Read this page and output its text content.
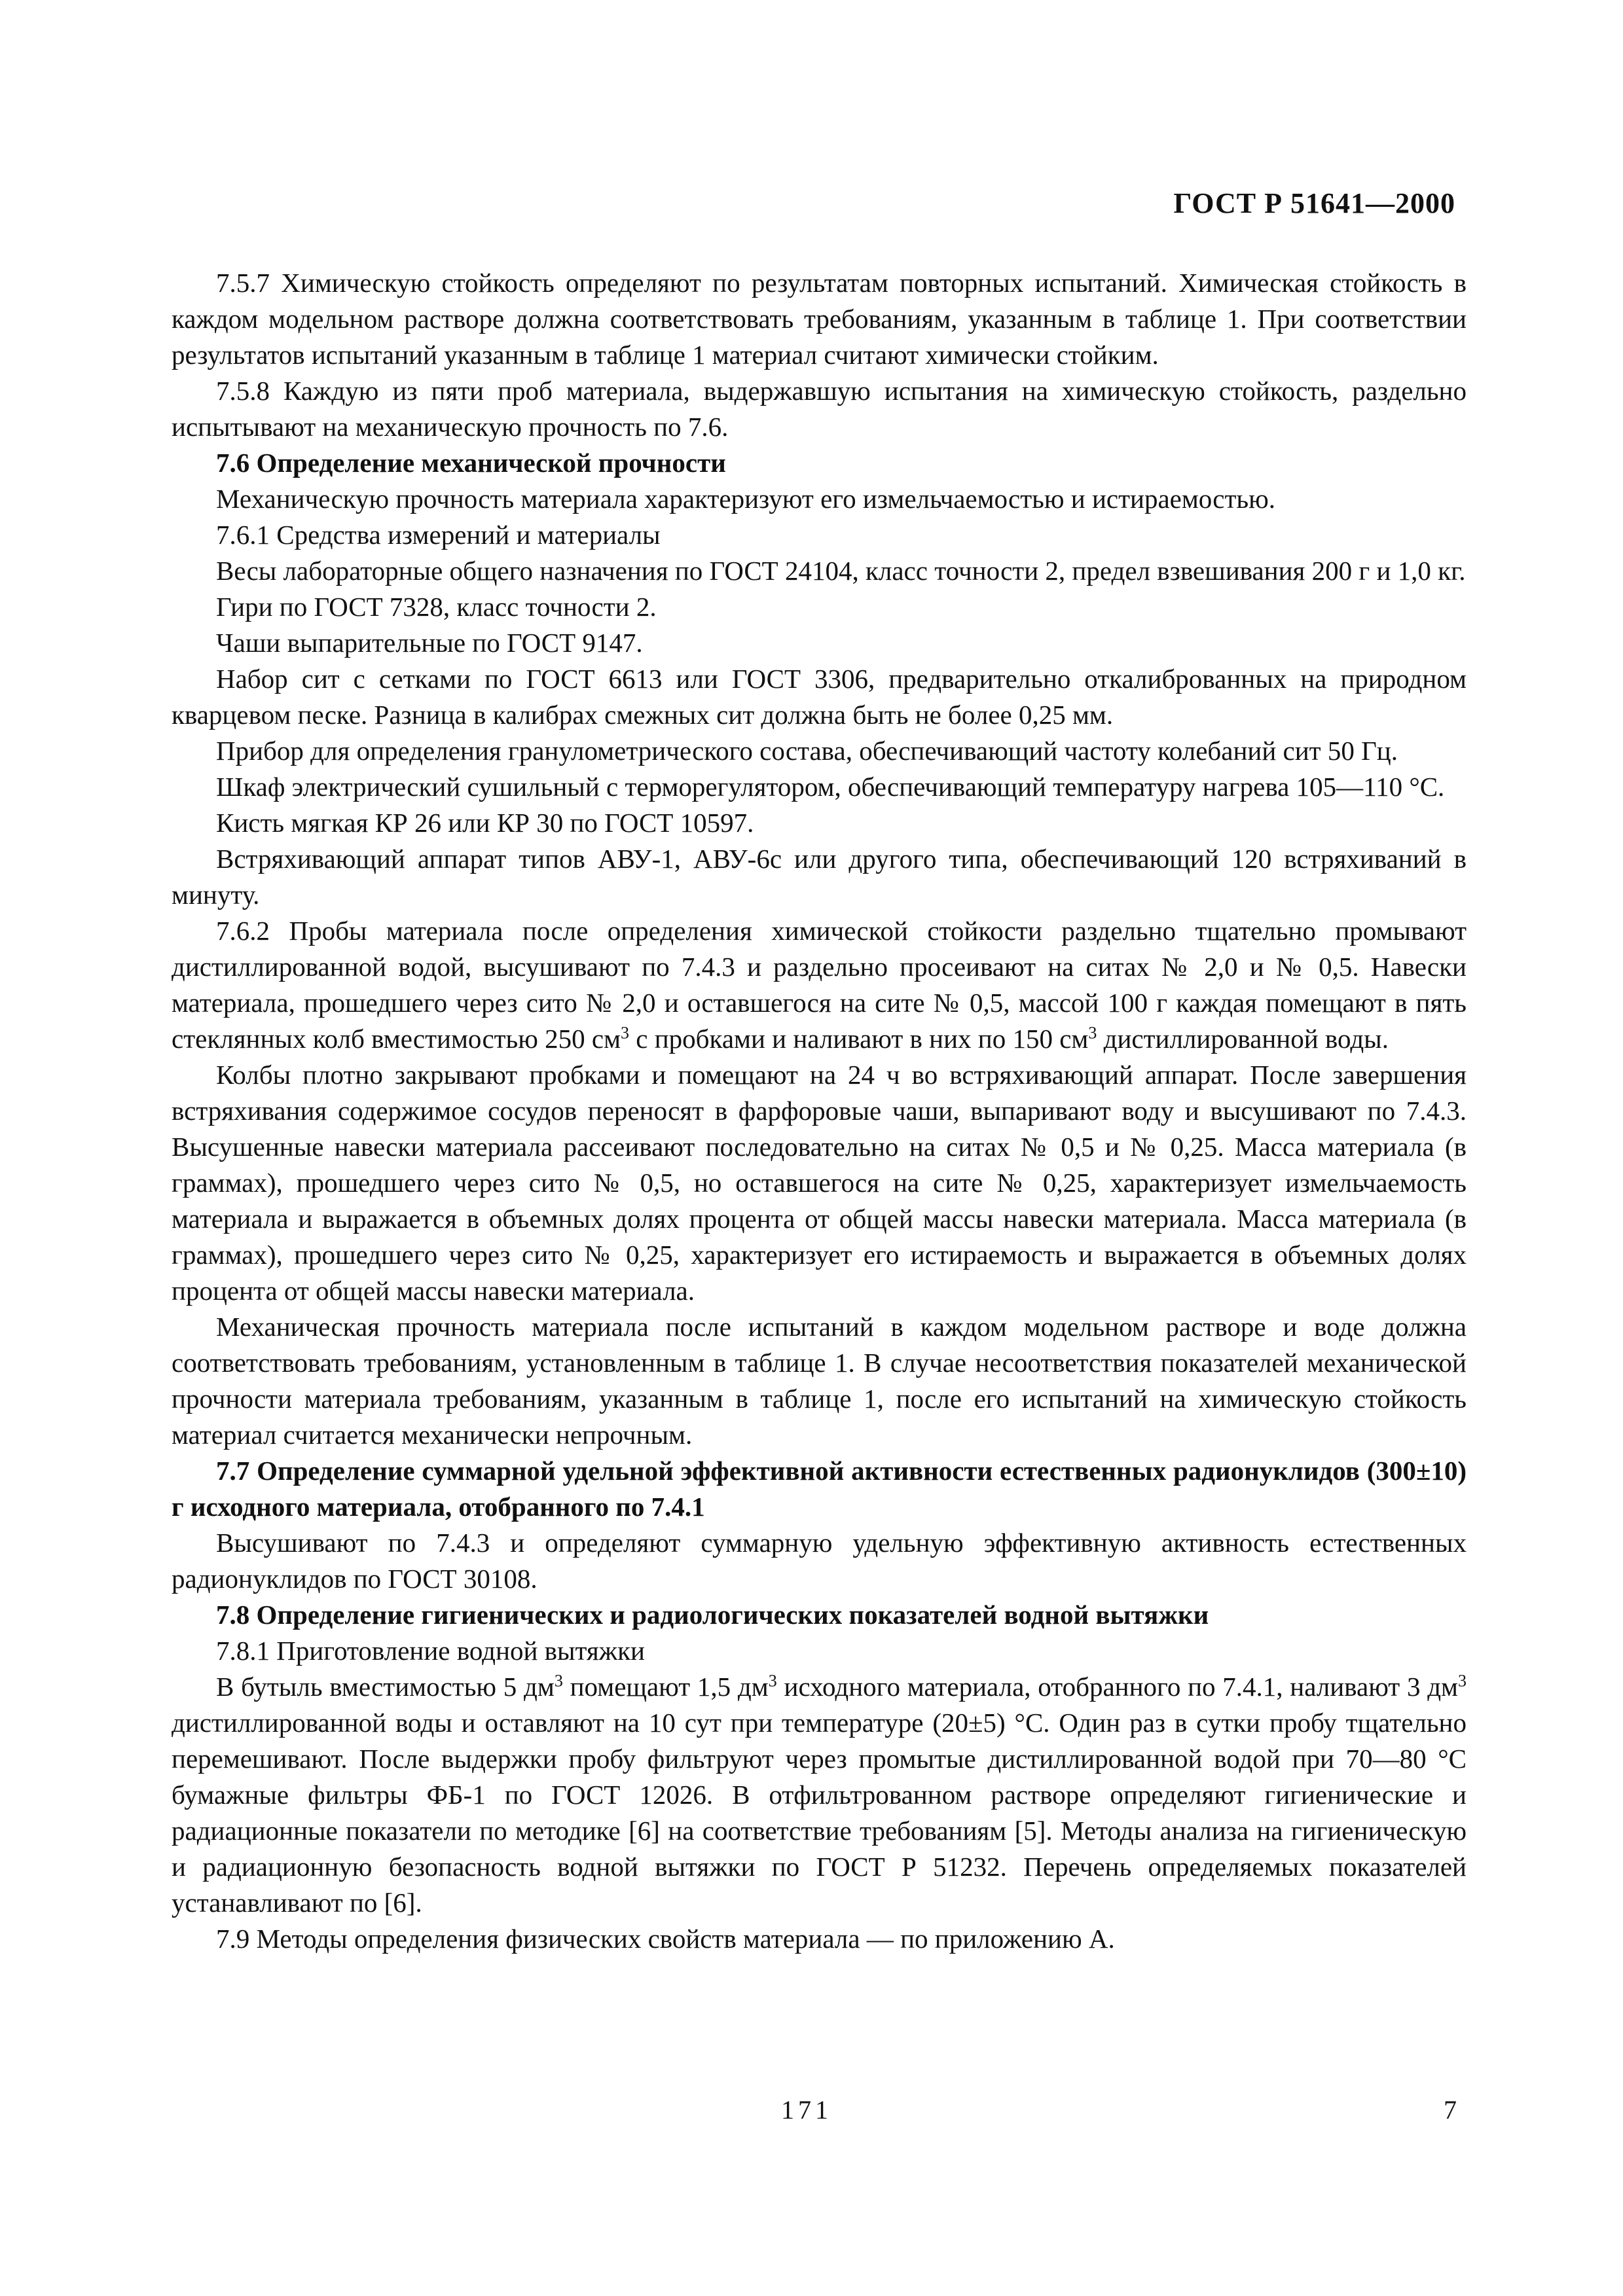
ГОСТ Р 51641—2000

7.5.7 Химическую стойкость определяют по результатам повторных испытаний. Химическая стойкость в каждом модельном растворе должна соответствовать требованиям, указанным в таблице 1. При соответствии результатов испытаний указанным в таблице 1 материал считают химически стойким.

7.5.8 Каждую из пяти проб материала, выдержавшую испытания на химическую стойкость, раздельно испытывают на механическую прочность по 7.6.

7.6 Определение механической прочности

Механическую прочность материала характеризуют его измельчаемостью и истираемостью.

7.6.1 Средства измерений и материалы

Весы лабораторные общего назначения по ГОСТ 24104, класс точности 2, предел взвешивания 200 г и 1,0 кг.

Гири по ГОСТ 7328, класс точности 2.

Чаши выпарительные по ГОСТ 9147.

Набор сит с сетками по ГОСТ 6613 или ГОСТ 3306, предварительно откалиброванных на природном кварцевом песке. Разница в калибрах смежных сит должна быть не более 0,25 мм.

Прибор для определения гранулометрического состава, обеспечивающий частоту колебаний сит 50 Гц.

Шкаф электрический сушильный с терморегулятором, обеспечивающий температуру нагрева 105—110 °С.

Кисть мягкая КР 26 или КР 30 по ГОСТ 10597.

Встряхивающий аппарат типов АВУ-1, АВУ-6с или другого типа, обеспечивающий 120 встряхиваний в минуту.

7.6.2 Пробы материала после определения химической стойкости раздельно тщательно промывают дистиллированной водой, высушивают по 7.4.3 и раздельно просеивают на ситах № 2,0 и № 0,5. Навески материала, прошедшего через сито № 2,0 и оставшегося на сите № 0,5, массой 100 г каждая помещают в пять стеклянных колб вместимостью 250 $см^3$ с пробками и наливают в них по 150 $см^3$ дистиллированной воды.

Колбы плотно закрывают пробками и помещают на 24 ч во встряхивающий аппарат. После завершения встряхивания содержимое сосудов переносят в фарфоровые чаши, выпаривают воду и высушивают по 7.4.3. Высушенные навески материала рассеивают последовательно на ситах № 0,5 и № 0,25. Масса материала (в граммах), прошедшего через сито № 0,5, но оставшегося на сите № 0,25, характеризует измельчаемость материала и выражается в объемных долях процента от общей массы навески материала. Масса материала (в граммах), прошедшего через сито № 0,25, характеризует его истираемость и выражается в объемных долях процента от общей массы навески материала.

Механическая прочность материала после испытаний в каждом модельном растворе и воде должна соответствовать требованиям, установленным в таблице 1. В случае несоответствия показателей механической прочности материала требованиям, указанным в таблице 1, после его испытаний на химическую стойкость материал считается механически непрочным.

7.7 Определение суммарной удельной эффективной активности естественных радионуклидов (300±10) г исходного материала, отобранного по 7.4.1

Высушивают по 7.4.3 и определяют суммарную удельную эффективную активность естественных радионуклидов по ГОСТ 30108.

7.8 Определение гигиенических и радиологических показателей водной вытяжки

7.8.1 Приготовление водной вытяжки

В бутыль вместимостью 5 $дм^3$ помещают 1,5 $дм^3$ исходного материала, отобранного по 7.4.1, наливают 3 $дм^3$ дистиллированной воды и оставляют на 10 сут при температуре (20±5) °С. Один раз в сутки пробу тщательно перемешивают. После выдержки пробу фильтруют через промытые дистиллированной водой при 70—80 °С бумажные фильтры ФБ-1 по ГОСТ 12026. В отфильтрованном растворе определяют гигиенические и радиационные показатели по методике [6] на соответствие требованиям [5]. Методы анализа на гигиеническую и радиационную безопасность водной вытяжки по ГОСТ Р 51232. Перечень определяемых показателей устанавливают по [6].

7.9 Методы определения физических свойств материала — по приложению А.

171	7
